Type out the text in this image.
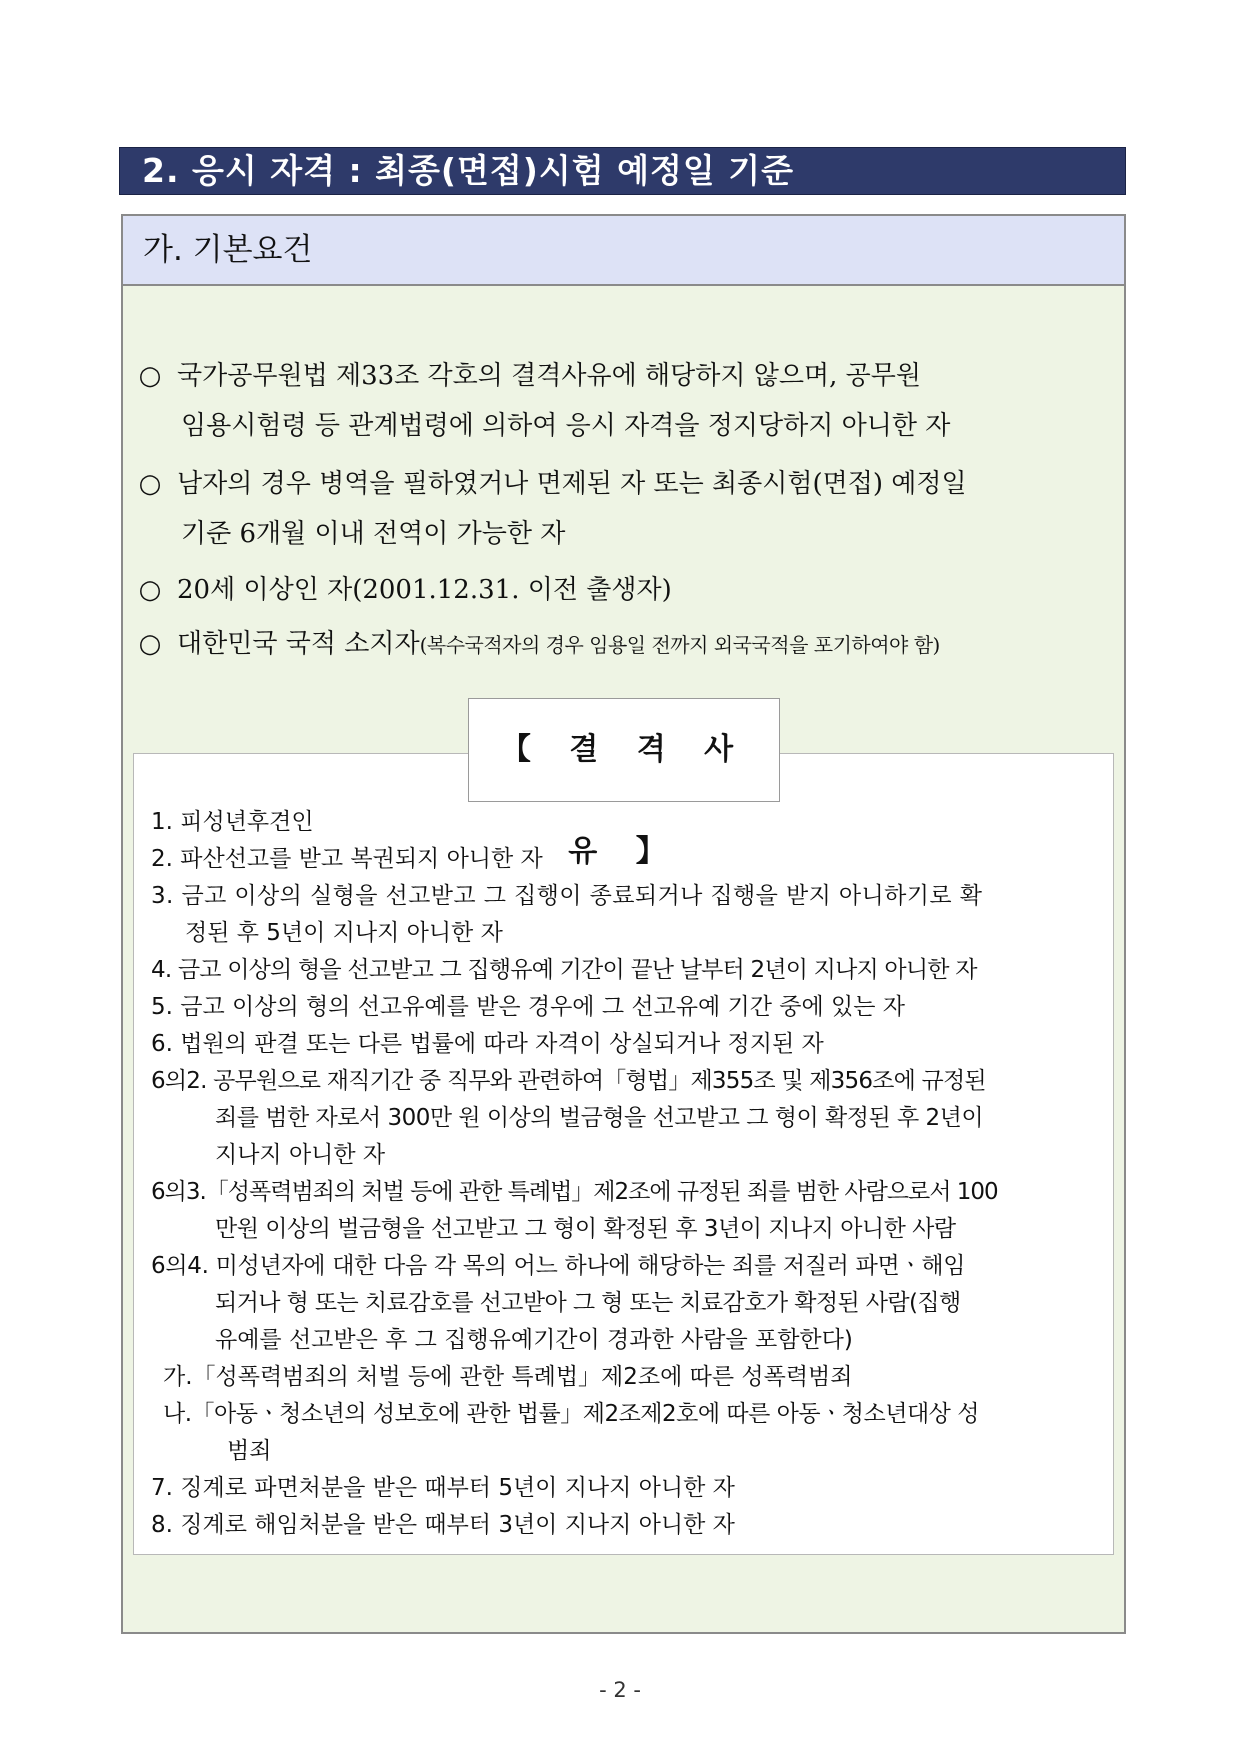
2. 응시 자격 : 최종(면접)시험 예정일 기준
가. 기본요건
○ 국가공무원법 제33조 각호의 결격사유에 해당하지 않으며, 공무원
임용시험령 등 관계법령에 의하여 응시 자격을 정지당하지 아니한 자
○ 남자의 경우 병역을 필하였거나 면제된 자 또는 최종시험(면접) 예정일
기준 6개월 이내 전역이 가능한 자
○ 20세 이상인 자(2001.12.31. 이전 출생자)
○ 대한민국 국적 소지자(복수국적자의 경우 임용일 전까지 외국국적을 포기하여야 함)
1. 피성년후견인
2. 파산선고를 받고 복권되지 아니한 자
3. 금고 이상의 실형을 선고받고 그 집행이 종료되거나 집행을 받지 아니하기로 확
정된 후 5년이 지나지 아니한 자
4. 금고 이상의 형을 선고받고 그 집행유예 기간이 끝난 날부터 2년이 지나지 아니한 자
5. 금고 이상의 형의 선고유예를 받은 경우에 그 선고유예 기간 중에 있는 자
6. 법원의 판결 또는 다른 법률에 따라 자격이 상실되거나 정지된 자
6의2. 공무원으로 재직기간 중 직무와 관련하여「형법」제355조 및 제356조에 규정된
죄를 범한 자로서 300만 원 이상의 벌금형을 선고받고 그 형이 확정된 후 2년이
지나지 아니한 자
6의3.「성폭력범죄의 처벌 등에 관한 특례법」제2조에 규정된 죄를 범한 사람으로서 100
만원 이상의 벌금형을 선고받고 그 형이 확정된 후 3년이 지나지 아니한 사람
6의4. 미성년자에 대한 다음 각 목의 어느 하나에 해당하는 죄를 저질러 파면ㆍ해임
되거나 형 또는 치료감호를 선고받아 그 형 또는 치료감호가 확정된 사람(집행
유예를 선고받은 후 그 집행유예기간이 경과한 사람을 포함한다)
가.「성폭력범죄의 처벌 등에 관한 특례법」제2조에 따른 성폭력범죄
나.「아동ㆍ청소년의 성보호에 관한 법률」제2조제2호에 따른 아동ㆍ청소년대상 성
범죄
7. 징계로 파면처분을 받은 때부터 5년이 지나지 아니한 자
8. 징계로 해임처분을 받은 때부터 3년이 지나지 아니한 자
【 결 격 사 유 】
- 2 -
